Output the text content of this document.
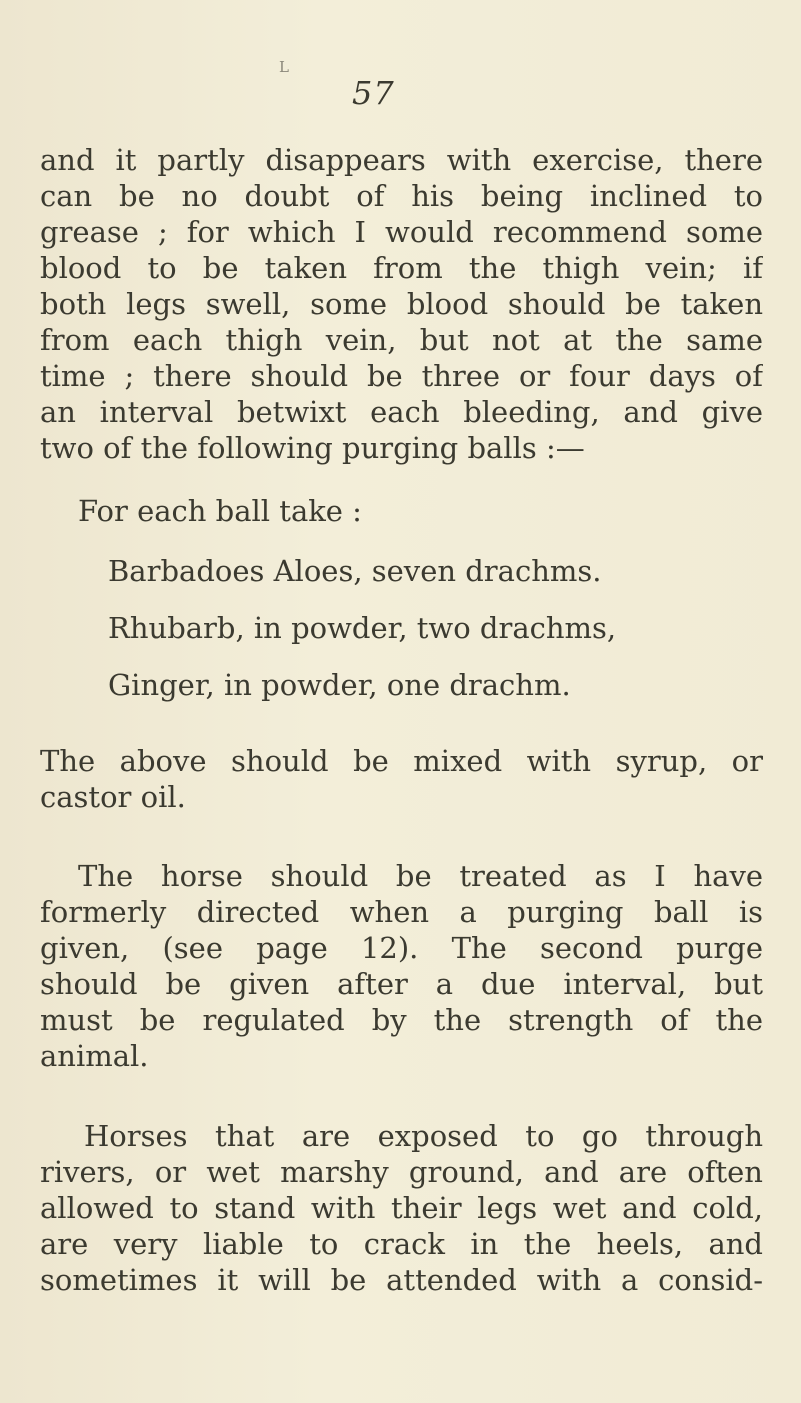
L
57
and it partly disappears with exercise, there
can be no doubt of his being inclined to
grease ; for which I would recommend some
blood to be taken from the thigh vein; if
both legs swell, some blood should be taken
from each thigh vein, but not at the same
time ; there should be three or four days of
an interval betwixt each bleeding, and give
two of the following purging balls :—
For each ball take :
Barbadoes Aloes, seven drachms.
Rhubarb, in powder, two drachms,
Ginger, in powder, one drachm.
The above should be mixed with syrup, or
castor oil.
The horse should be treated as I have
formerly directed when a purging ball is
given, (see page 12). The second purge
should be given after a due interval, but
must be regulated by the strength of the
animal.
Horses that are exposed to go through
rivers, or wet marshy ground, and are often
allowed to stand with their legs wet and cold,
are very liable to crack in the heels, and
sometimes it will be attended with a consid-
